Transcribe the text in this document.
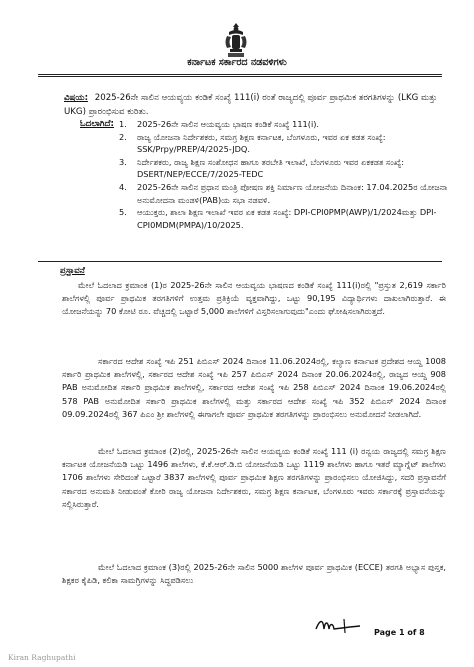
ಕರ್ನಾಟಕ ಸರ್ಕಾರದ ನಡವಳಿಗಳು
ವಿಷಯ: 2025-26ನೇ ಸಾಲಿನ ಆಯವ್ಯಯ ಕಂಡಿಕೆ ಸಂಖ್ಯೆ 111(i) ರಂತೆ ರಾಜ್ಯದಲ್ಲಿ ಪೂರ್ವ ಪ್ರಾಥಮಿಕ ತರಗತಿಗಳನ್ನು (LKG ಮತ್ತು UKG) ಪ್ರಾರಂಭಿಸುವ ಕುರಿತು.
ಓದಲಾಗಿದೆ: 1. 2025-26ನೇ ಸಾಲಿನ ಆಯವ್ಯಯ ಭಾಷಣ ಕಂಡಿಕೆ ಸಂಖ್ಯೆ 111(i).
2. ರಾಜ್ಯ ಯೋಜನಾ ನಿರ್ದೇಶಕರು, ಸಮಗ್ರ ಶಿಕ್ಷಣ ಕರ್ನಾಟಕ, ಬೆಂಗಳೂರು, ಇವರ ಏಕ ಕಡತ ಸಂಖ್ಯೆ: SSK/Prpy/PREP/4/2025-JDQ.
3. ನಿರ್ದೇಶಕರು, ರಾಜ್ಯ ಶಿಕ್ಷಣ ಸಂಶೋಧನ ಹಾಗೂ ತರಬೇತಿ ಇಲಾಖೆ, ಬೆಂಗಳೂರು ಇವರ ಏಕಕಡತ ಸಂಖ್ಯೆ: DSERT/NEP/ECCE/7/2025-TEDC
4. 2025-26ನೇ ಸಾಲಿನ ಪ್ರಧಾನ ಮಂತ್ರಿ ಪೋಷಣ ಶಕ್ತಿ ನಿರ್ಮಾಣ ಯೋಜನೆಯ ದಿನಾಂಕ: 17.04.2025ರ ಯೋಜನಾ ಅನುಮೋದನಾ ಮಂಡಳಿ(PAB)ಯ ಸಭಾ ನಡವಳಿ.
5. ಆಯುಕ್ತರು, ಶಾಲಾ ಶಿಕ್ಷಣ ಇಲಾಖೆ ಇವರ ಏಕ ಕಡತ ಸಂಖ್ಯೆ: DPI-CPI0PMP(AWP)/1/2024ಮತ್ತು DPI-CPI0MDM(PMPA)/10/2025.
ಪ್ರಸ್ತಾವನೆ

ಮೇಲೆ ಓದಲಾದ ಕ್ರಮಾಂಕ (1)ರ 2025-26ನೇ ಸಾಲಿನ ಆಯವ್ಯಯ ಭಾಷಣದ ಕಂಡಿಕೆ ಸಂಖ್ಯೆ 111(i)ರಲ್ಲಿ "ಪ್ರಸ್ತುತ 2,619 ಸರ್ಕಾರಿ ಶಾಲೆಗಳಲ್ಲಿ ಪೂರ್ವ ಪ್ರಾಥಮಿಕ ತರಗತಿಗಳಿಗೆ ಉತ್ತಮ ಪ್ರತಿಕ್ರಿಯೆ ವ್ಯಕ್ತವಾಗಿದ್ದು, ಒಟ್ಟು 90,195 ವಿದ್ಯಾರ್ಥಿಗಳು ದಾಖಲಾಗಿರುತ್ತಾರೆ. ಈ ಯೋಜನೆಯನ್ನು 70 ಕೋಟಿ ರೂ. ವೆಚ್ಚದಲ್ಲಿ ಒಟ್ಟಾರೆ 5,000 ಶಾಲೆಗಳಿಗೆ ವಿಸ್ತರಿಸಲಾಗುವುದು"ಎಂದು ಘೋಷಿಸಲಾಗಿರುತ್ತದೆ.

ಸರ್ಕಾರದ ಆದೇಶ ಸಂಖ್ಯೆ ಇಪಿ 251 ಪಿಬಿಎಸ್ 2024 ದಿನಾಂಕ 11.06.2024ರಲ್ಲಿ, ಕಲ್ಯಾಣ ಕರ್ನಾಟಕ ಪ್ರದೇಶದ ಆಯ್ದ 1008 ಸರ್ಕಾರಿ ಪ್ರಾಥಮಿಕ ಶಾಲೆಗಳಲ್ಲಿ, ಸರ್ಕಾರದ ಆದೇಶ ಸಂಖ್ಯೆ ಇಪಿ 257 ಪಿಬಿಎಸ್ 2024 ದಿನಾಂಕ 20.06.2024ರಲ್ಲಿ, ರಾಜ್ಯದ ಆಯ್ದ 908 PAB ಅನುಮೋದಿತ ಸರ್ಕಾರಿ ಪ್ರಾಥಮಿಕ ಶಾಲೆಗಳಲ್ಲಿ, ಸರ್ಕಾರದ ಆದೇಶ ಸಂಖ್ಯೆ ಇಪಿ 258 ಪಿಬಿಎಸ್ 2024 ದಿನಾಂಕ 19.06.2024ರಲ್ಲಿ 578 PAB ಅನುಮೋದಿತ ಸರ್ಕಾರಿ ಪ್ರಾಥಮಿಕ ಶಾಲೆಗಳಲ್ಲಿ ಮತ್ತು ಸರ್ಕಾರದ ಆದೇಶ ಸಂಖ್ಯೆ ಇಪಿ 352 ಪಿಬಿಎಸ್ 2024 ದಿನಾಂಕ 09.09.2024ರಲ್ಲಿ 367 ಪಿಎಂ ಶ್ರೀ ಶಾಲೆಗಳಲ್ಲಿ ಈಗಾಗಲೇ ಪೂರ್ವ ಪ್ರಾಥಮಿಕ ತರಗತಿಗಳನ್ನು ಪ್ರಾರಂಭಿಸಲು ಅನುಮೋದನೆ ನೀಡಲಾಗಿದೆ.

ಮೇಲೆ ಓದಲಾದ ಕ್ರಮಾಂಕ (2)ರಲ್ಲಿ, 2025-26ನೇ ಸಾಲಿನ ಆಯವ್ಯಯ ಕಂಡಿಕೆ ಸಂಖ್ಯೆ 111 (i) ರನ್ವಯ ರಾಜ್ಯದಲ್ಲಿ ಸಮಗ್ರ ಶಿಕ್ಷಣ ಕರ್ನಾಟಕ ಯೋಜನೆಯಡಿ ಒಟ್ಟು 1496 ಶಾಲೆಗಳು, ಕೆ.ಕೆ.ಆರ್.ಡಿ.ಬಿ ಯೋಜನೆಯಡಿ ಒಟ್ಟು 1119 ಶಾಲೆಗಳು ಹಾಗೂ ಇತರೆ ಮ್ಯಾಗ್ನೆಟ್ ಶಾಲೆಗಳು 1706 ಶಾಲೆಗಳು ಸೇರಿದಂತೆ ಒಟ್ಟಾರೆ 3837 ಶಾಲೆಗಳಲ್ಲಿ ಪೂರ್ವ ಪ್ರಾಥಮಿಕ ಶಿಕ್ಷಣ ತರಗತಿಗಳನ್ನು ಪ್ರಾರಂಭಿಸಲು ಯೋಜಿಸಿದ್ದು, ಸದರಿ ಪ್ರಸ್ತಾವನೆಗೆ ಸರ್ಕಾರದ ಅನುಮತಿ ನೀಡುವಂತೆ ಕೋರಿ ರಾಜ್ಯ ಯೋಜನಾ ನಿರ್ದೇಶಕರು, ಸಮಗ್ರ ಶಿಕ್ಷಣ ಕರ್ನಾಟಕ, ಬೆಂಗಳೂರು ಇವರು ಸರ್ಕಾರಕ್ಕೆ ಪ್ರಸ್ತಾವನೆಯನ್ನು ಸಲ್ಲಿಸಿರುತ್ತಾರೆ.

ಮೇಲೆ ಓದಲಾದ ಕ್ರಮಾಂಕ (3)ರಲ್ಲಿ 2025-26ನೇ ಸಾಲಿನ 5000 ಶಾಲೆಗಳ ಪೂರ್ವ ಪ್ರಾಥಮಿಕ (ECCE) ತರಗತಿ ಅಭ್ಯಾಸ ಪುಸ್ತಕ, ಶಿಕ್ಷಕರ ಕೈಪಿಡಿ, ಕಲಿಕಾ ಸಾಮಗ್ರಿಗಳನ್ನು ಸಿದ್ಧಪಡಿಸಲು

Page 1 of 8
Kiran Raghupathi
